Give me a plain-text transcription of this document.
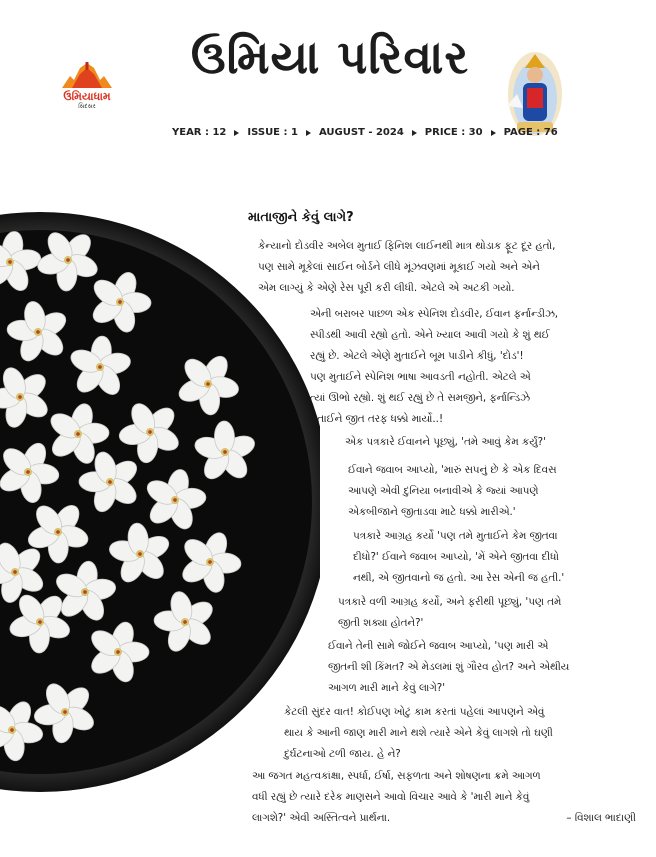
ઉમિયાધામ
સિદસર
ઉમિયા પરિવાર
YEAR : 12 ISSUE : 1 AUGUST - 2024 PRICE : 30 PAGE : 76
માતાજીને કેવું લાગે?
કેન્યાનો દોડવીર અબેલ મુતાઈ ફિનિશ લાઈનથી માત્ર થોડાક ફૂટ દૂર હતો,
પણ સામે મૂકેલાં સાઈન બોર્ડને લીધે મૂંઝવણમાં મૂકાઈ ગયો અને એને
એમ લાગ્યું કે એણે રેસ પૂરી કરી લીધી. એટલે એ અટકી ગયો.
એની બરાબર પાછળ એક સ્પેનિશ દોડવીર, ઈવાન ફર્નાન્ડીઝ,
સ્પીડથી આવી રહ્યો હતો. એને ખ્યાલ આવી ગયો કે શું થઈ
રહ્યું છે. એટલે એણે મુતાઈને બૂમ પાડીને કીધું, 'દોડ'!
પણ મુતાઈને સ્પેનિશ ભાષા આવડતી નહોતી. એટલે એ
ત્યાં ઊભો રહ્યો. શું થઈ રહ્યું છે તે સમજીને, ફર્નાન્ડિઝે
મુતાઈને જીત તરફ ધક્કો માર્યો..!
એક પત્રકારે ઈવાનને પૂછ્યું, 'તમે આવું કેમ કર્યું?'
ઈવાને જવાબ આપ્યો, 'મારું સપનું છે કે એક દિવસ
આપણે એવી દુનિયા બનાવીએ કે જ્યાં આપણે
એકબીજાને જીતાડવા માટે ધક્કો મારીએ.'
પત્રકારે આગ્રહ કર્યો 'પણ તમે મુતાઈને કેમ જીતવા
દીધો?' ઈવાને જવાબ આપ્યો, 'મેં એને જીતવા દીધો
નથી, એ જીતવાનો જ હતો. આ રેસ એની જ હતી.'
પત્રકારે વળી આગ્રહ કર્યો, અને ફરીથી પૂછ્યું, 'પણ તમે
જીતી શક્યા હોતને?'
ઈવાને તેની સામે જોઈને જવાબ આપ્યો, 'પણ મારી એ
જીતની શી કિંમત? એ મેડલમાં શું ગૌરવ હોત? અને એથીય
આગળ મારી માને કેવું લાગે?'
કેટલી સુંદર વાત! કોઈપણ ખોટું કામ કરતાં પહેલાં આપણને એવું
થાય કે આની જાણ મારી માને થશે ત્યારે એને કેવું લાગશે તો ઘણી
દુર્ઘટનાઓ ટળી જાય. હે ને?
આ જગત મહત્વકાંક્ષા, સ્પર્ધા, ઈર્ષા, સફળતા અને શોષણના ક્રમે આગળ
વધી રહ્યું છે ત્યારે દરેક માણસને આવો વિચાર આવે કે 'મારી માને કેવું
લાગશે?' એવી અસ્તિત્વને પ્રાર્થના.	– વિશાલ ભાદાણી
